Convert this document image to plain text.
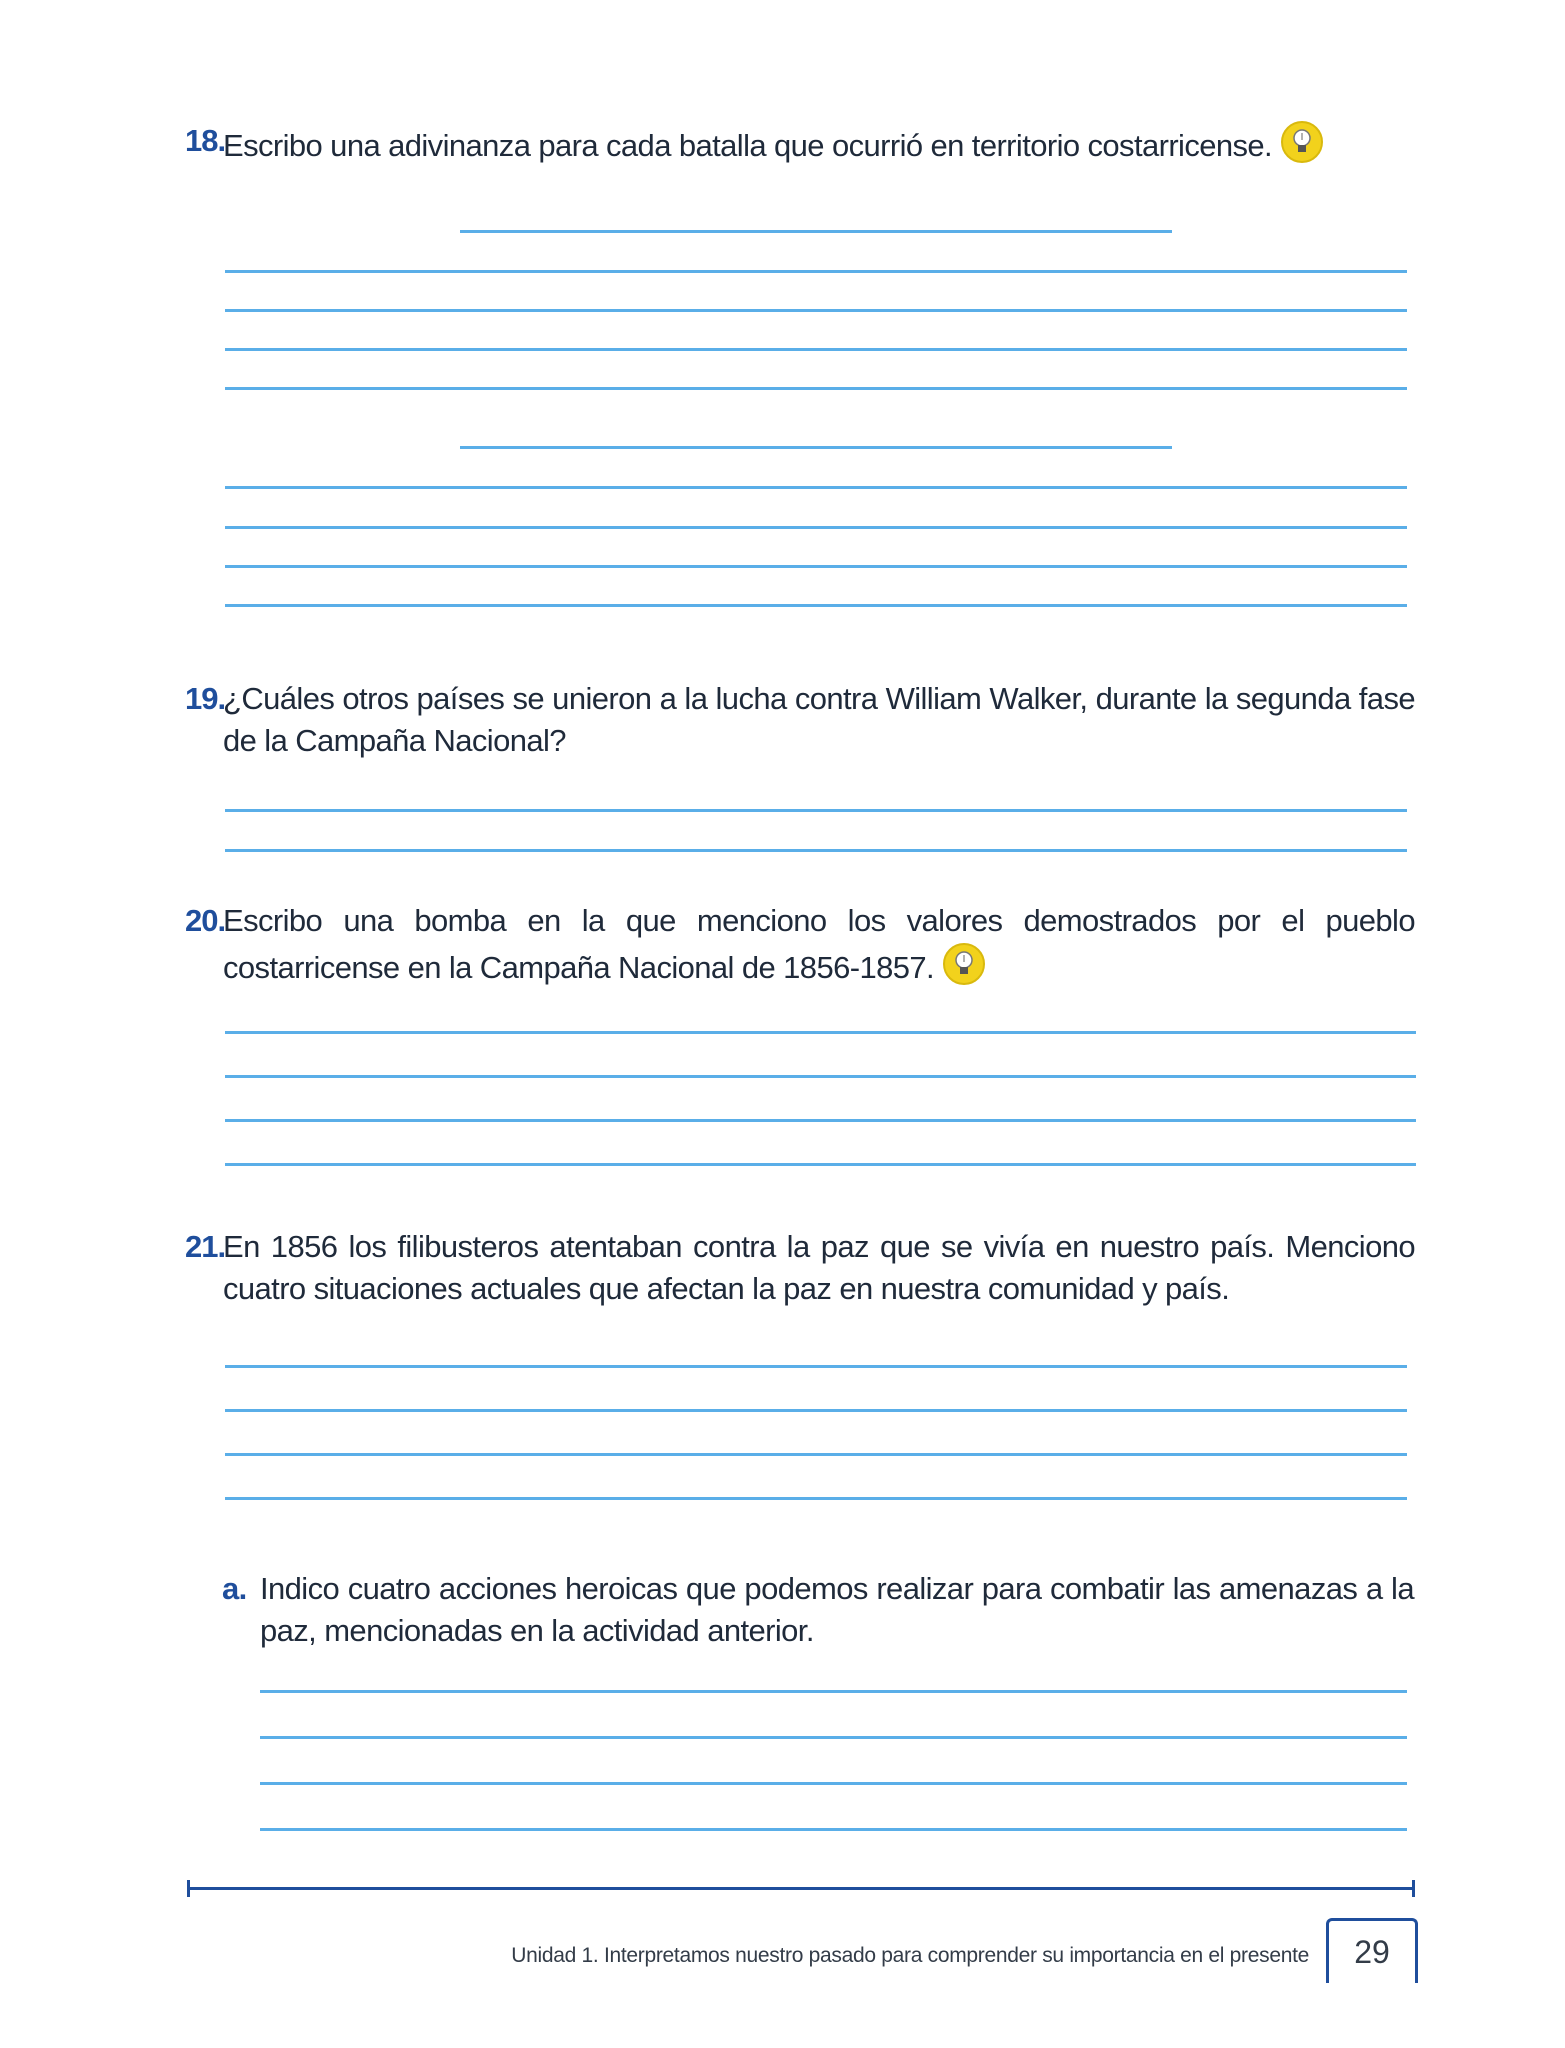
18.
Escribo una adivinanza para cada batalla que ocurrió en territorio costarricense.
19.
¿Cuáles otros países se unieron a la lucha contra William Walker, durante la segunda fase de la Campaña Nacional?
20.
Escribo una bomba en la que menciono los valores demostrados por el pueblo costarricense en la Campaña Nacional de 1856-1857.
21.
En 1856 los filibusteros atentaban contra la paz que se vivía en nuestro país. Menciono cuatro situaciones actuales que afectan la paz en nuestra comunidad y país.
a. Indico cuatro acciones heroicas que podemos realizar para combatir las amenazas a la paz, mencionadas en la actividad anterior.
Unidad 1. Interpretamos nuestro pasado para comprender su importancia en el presente	29
